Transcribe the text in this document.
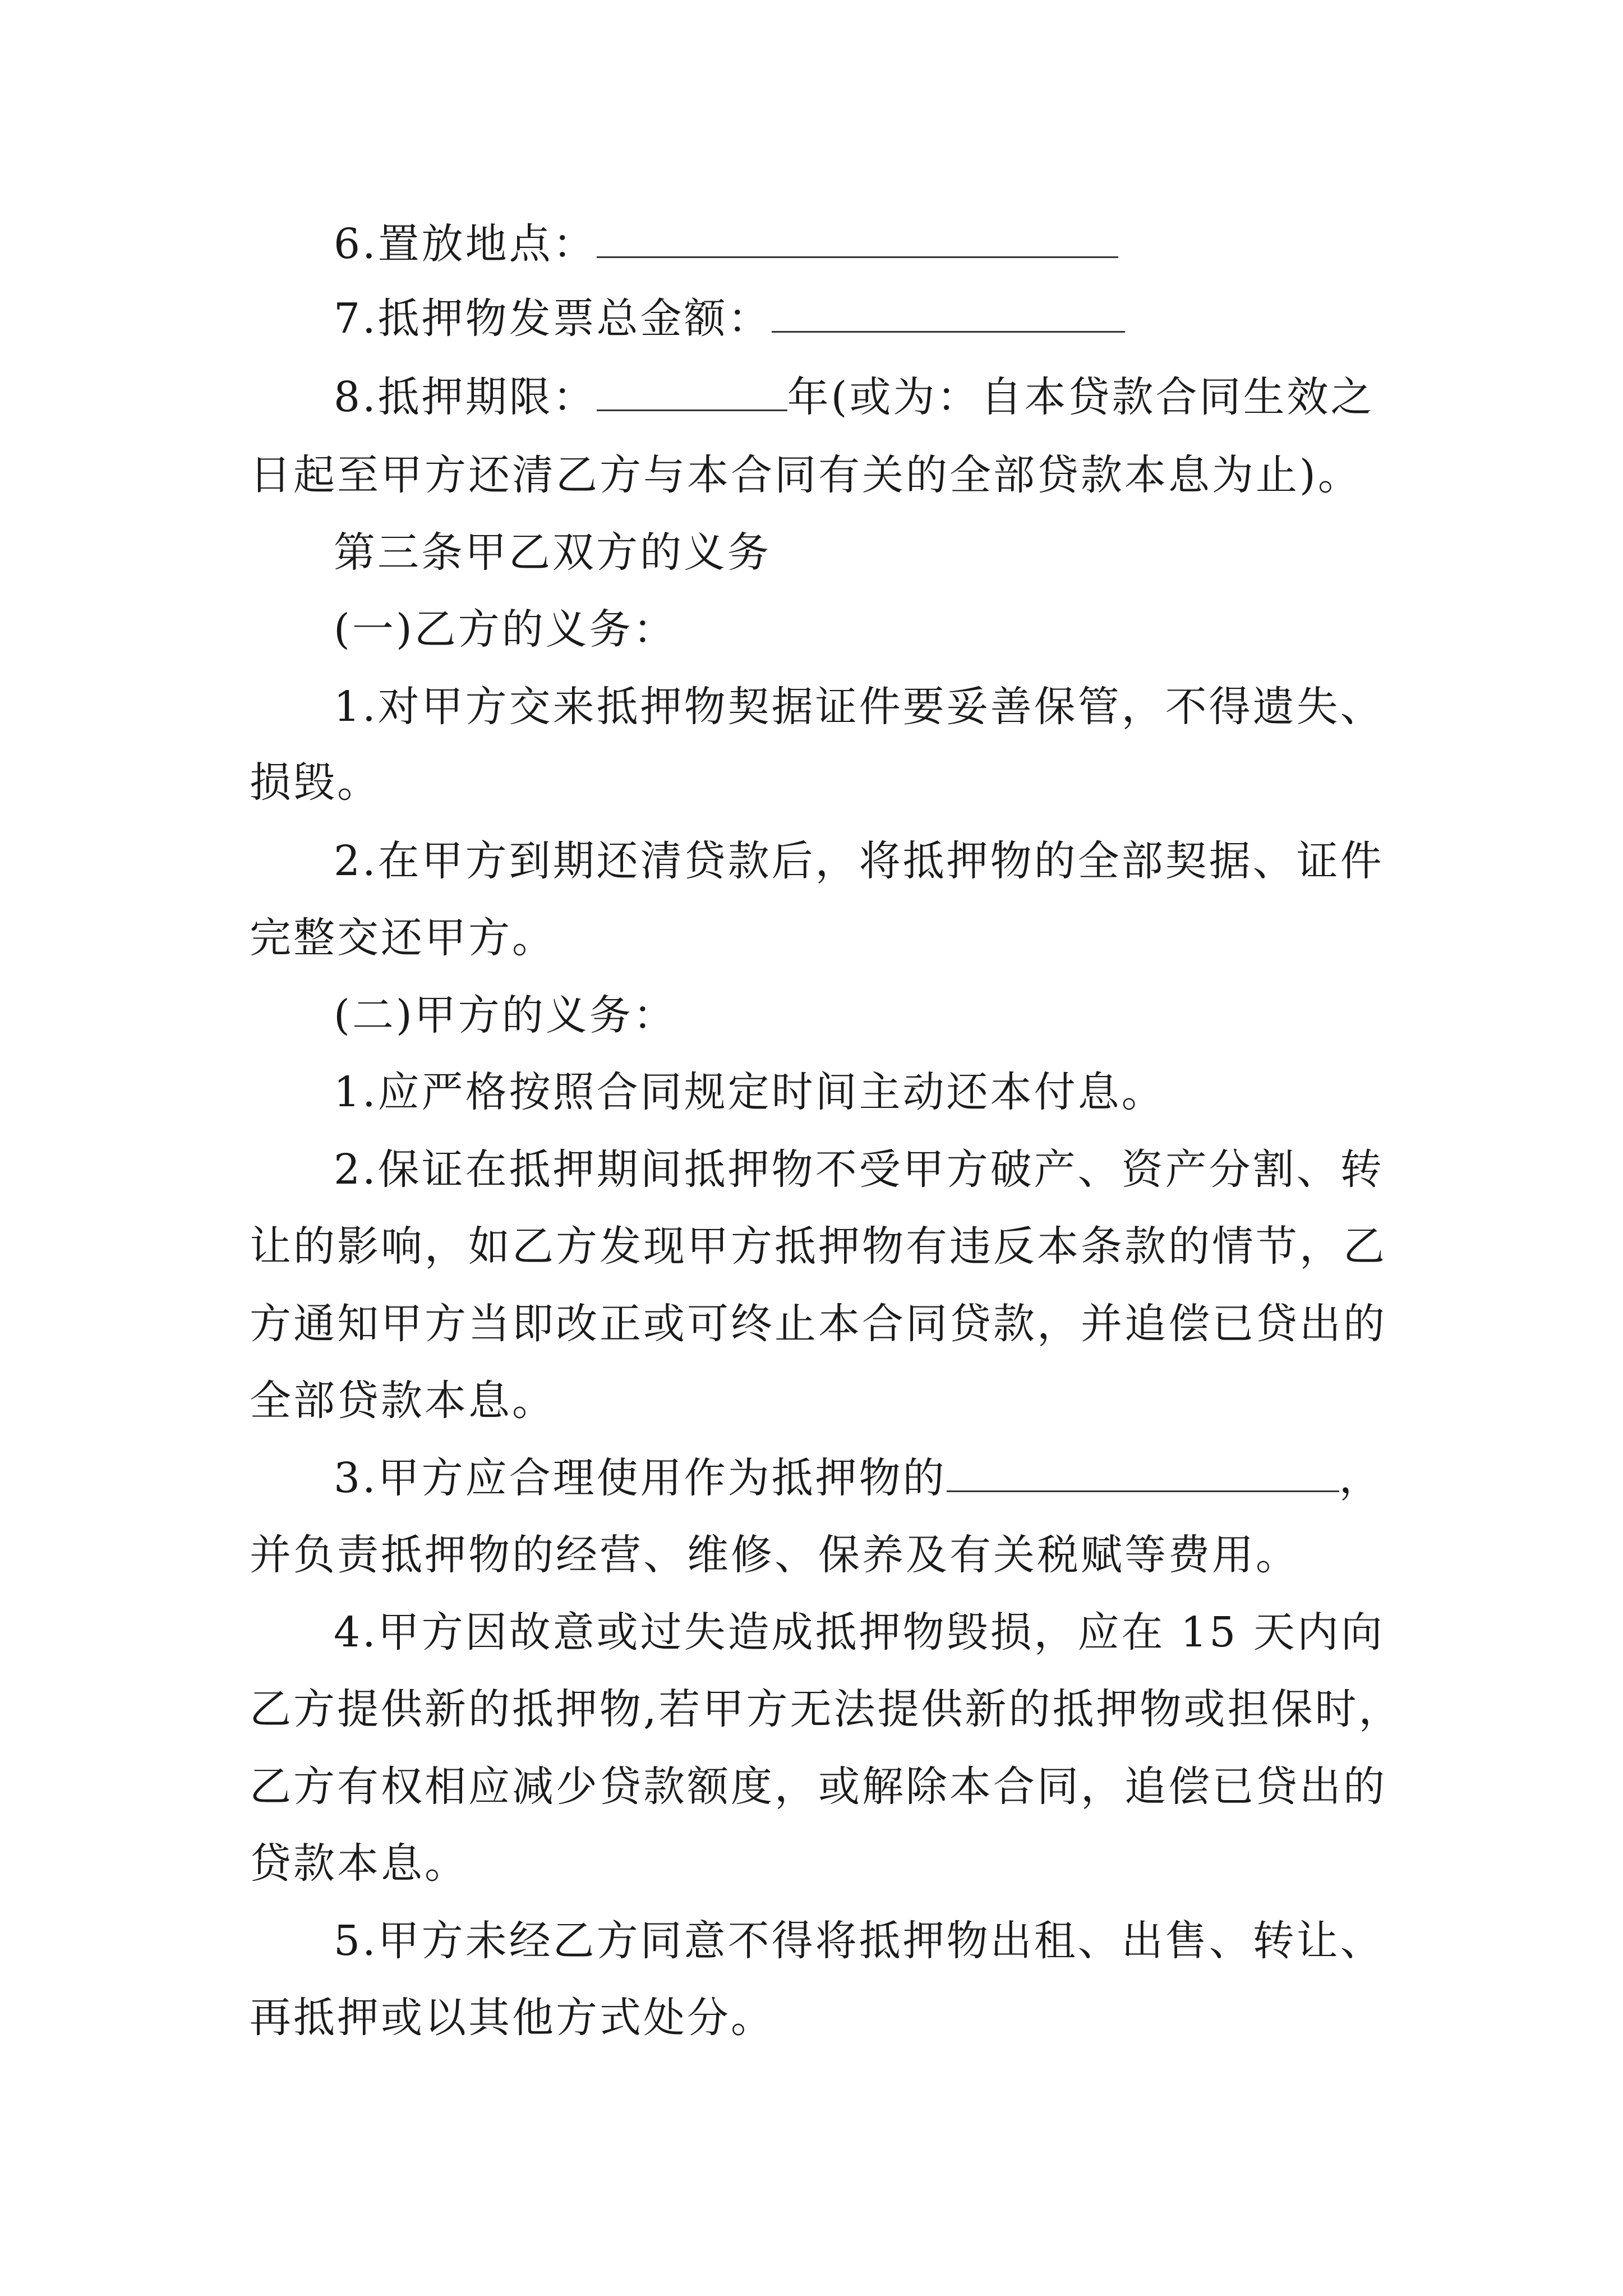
6.置放地点：
7.抵押物发票总金额：
8.抵押期限：	年(或为：自本贷款合同生效之
日起至甲方还清乙方与本合同有关的全部贷款本息为止)。
第三条甲乙双方的义务
(一)乙方的义务：
1.对甲方交来抵押物契据证件要妥善保管，不得遗失、
损毁。
2.在甲方到期还清贷款后，将抵押物的全部契据、证件
完整交还甲方。
(二)甲方的义务：
1.应严格按照合同规定时间主动还本付息。
2.保证在抵押期间抵押物不受甲方破产、资产分割、转
让的影响，如乙方发现甲方抵押物有违反本条款的情节，乙
方通知甲方当即改正或可终止本合同贷款，并追偿已贷出的
全部贷款本息。
3.甲方应合理使用作为抵押物的	，
并负责抵押物的经营、维修、保养及有关税赋等费用。
4.甲方因故意或过失造成抵押物毁损，应在 15 天内向
乙方提供新的抵押物,若甲方无法提供新的抵押物或担保时，
乙方有权相应减少贷款额度，或解除本合同，追偿已贷出的
贷款本息。
5.甲方未经乙方同意不得将抵押物出租、出售、转让、
再抵押或以其他方式处分。
